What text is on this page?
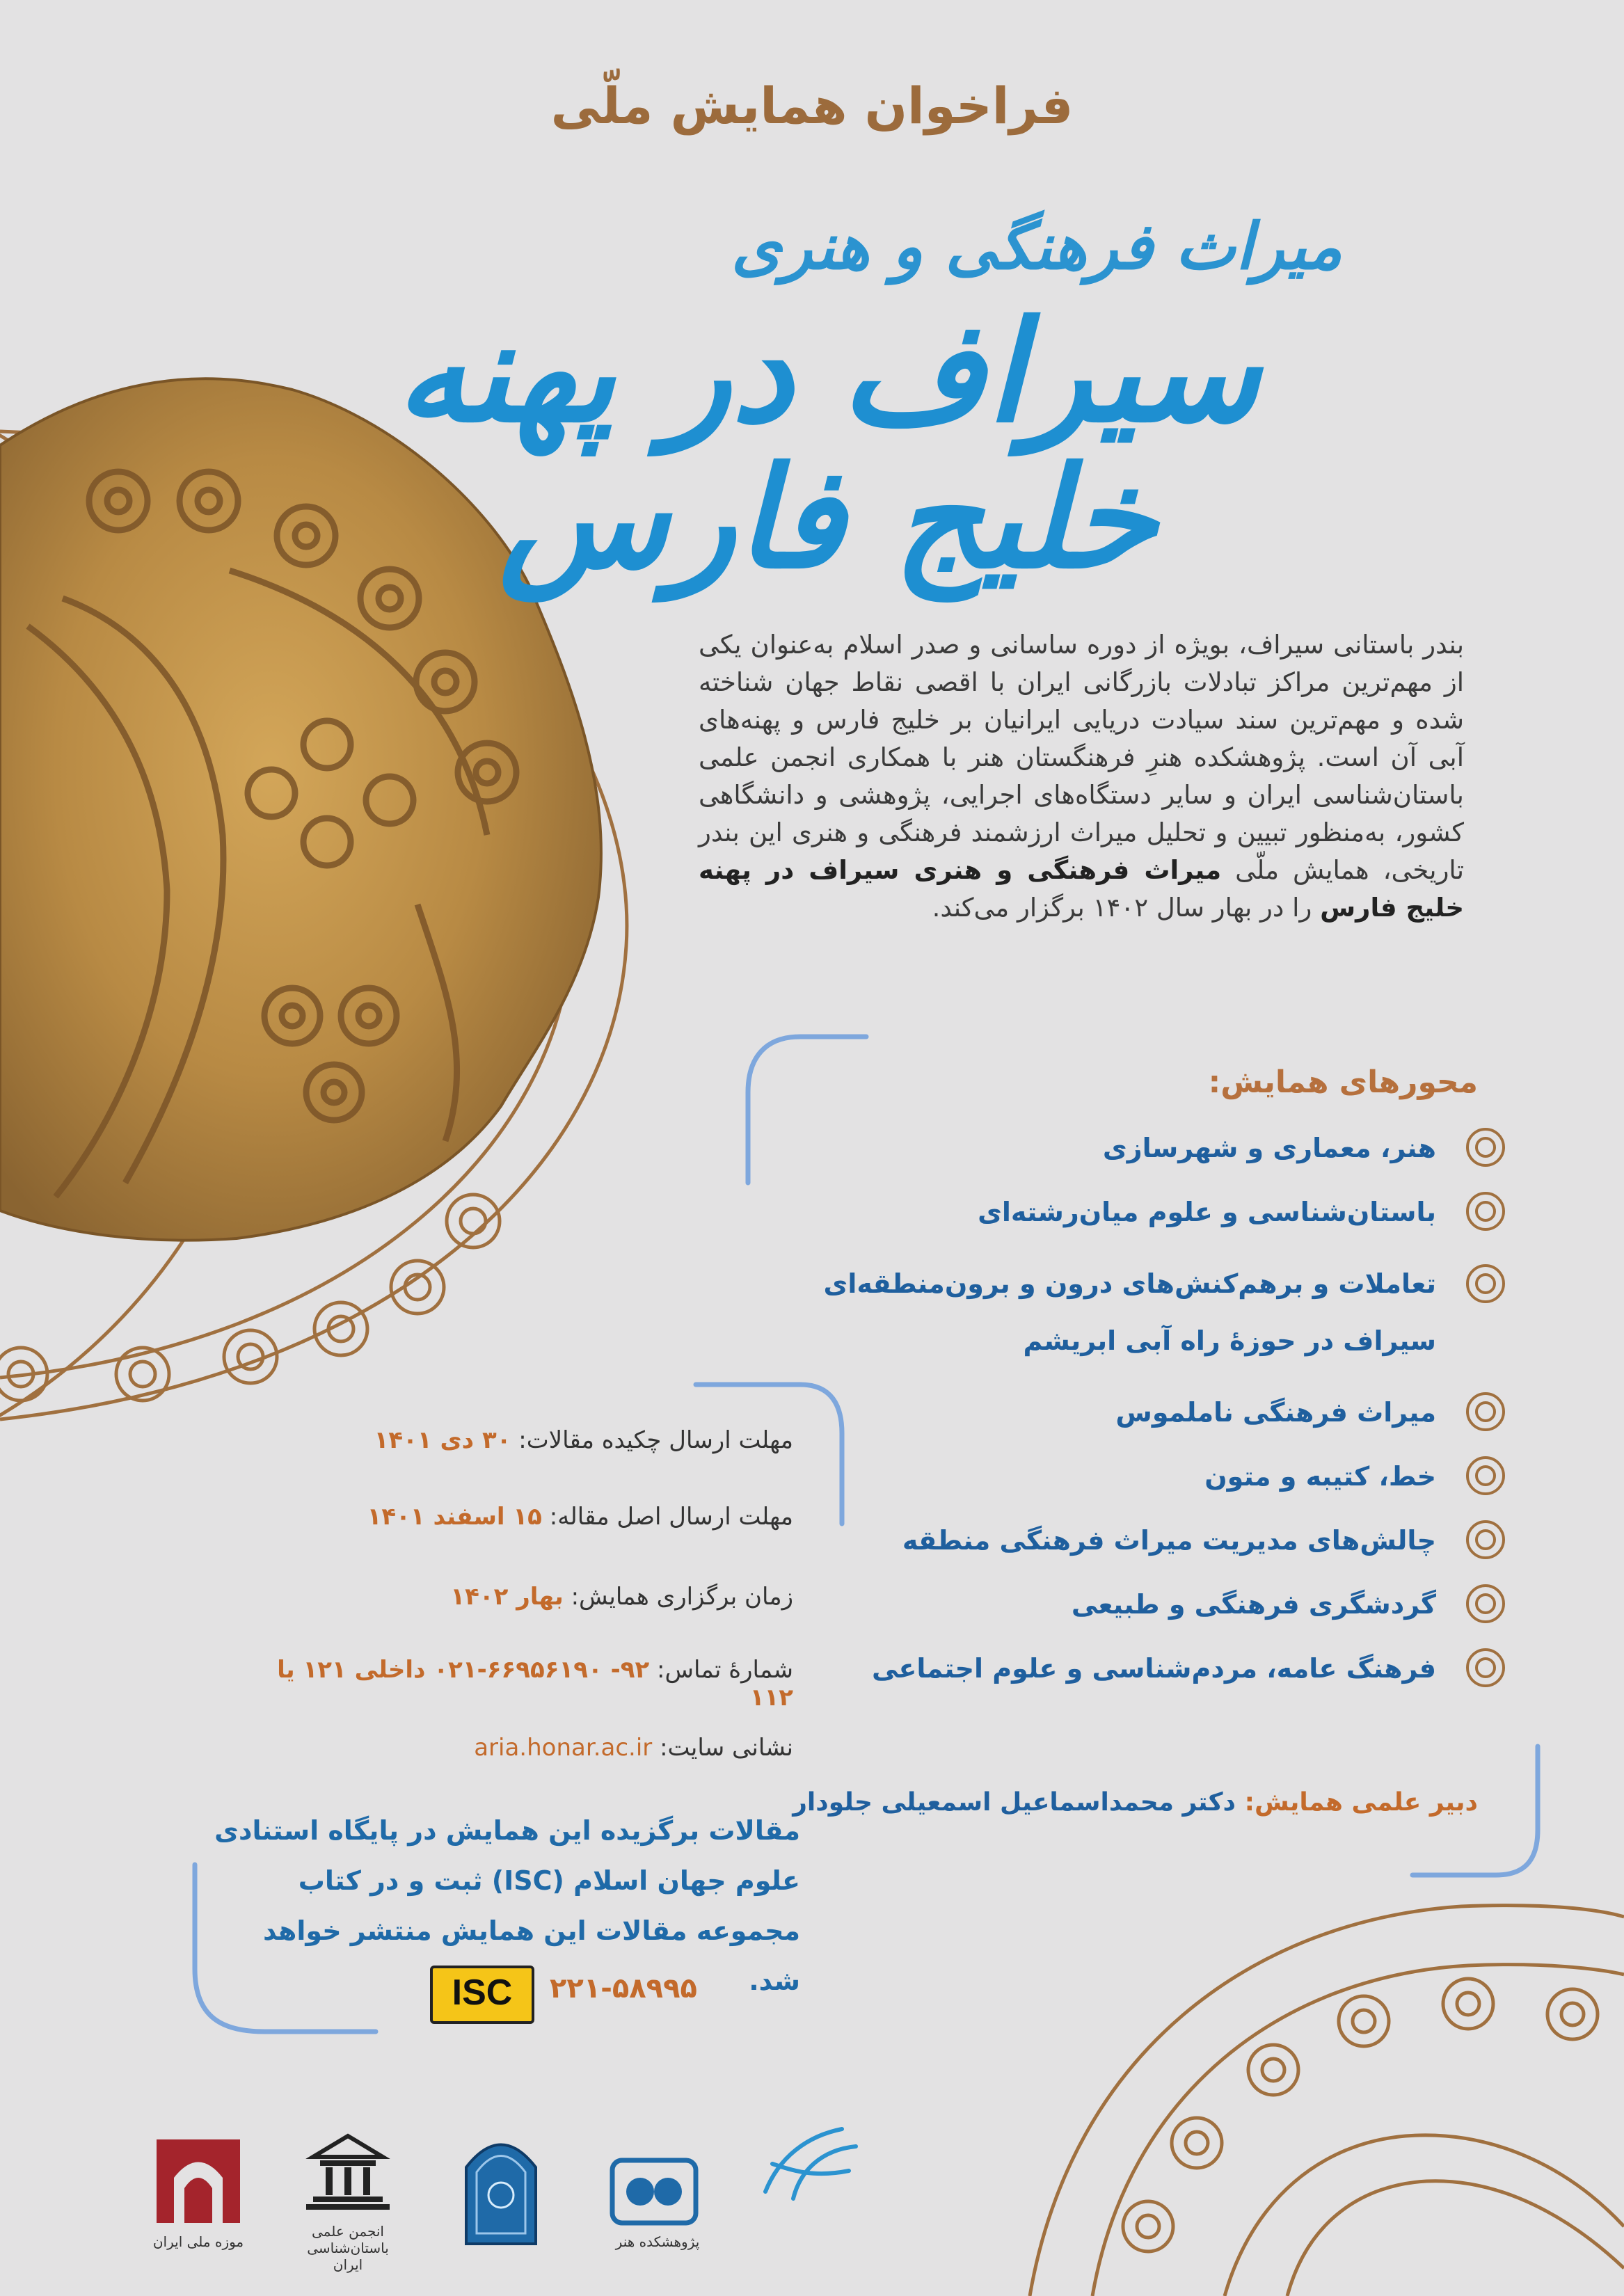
فراخوان همایش ملّی
میراث فرهنگی و هنری
سیراف در پهنه خلیج فارس
بندر باستانی سیراف، بویژه از دوره ساسانی و صدر اسلام به‌عنوان یکی از مهم‌ترین مراکز تبادلات بازرگانی ایران با اقصی نقاط جهان شناخته شده و مهم‌ترین سند سیادت دریایی ایرانیان بر خلیج فارس و پهنه‌های آبی آن است. پژوهشکده هنرِ فرهنگستان هنر با همکاری انجمن علمی باستان‌شناسی ایران و سایر دستگاه‌های اجرایی، پژوهشی و دانشگاهی کشور، به‌منظور تبیین و تحلیل میراث ارزشمند فرهنگی و هنری این بندر تاریخی، همایش ملّی میراث فرهنگی و هنری سیراف در پهنه خلیج فارس را در بهار سال ۱۴۰۲ برگزار می‌کند.
محورهای همایش:
هنر، معماری و شهرسازی
باستان‌شناسی و علوم میان‌رشته‌ای
تعاملات و برهم‌کنش‌های درون و برون‌منطقه‌ای سیراف در حوزهٔ راه آبی ابریشم
میراث فرهنگی ناملموس
خط، کتیبه و متون
چالش‌های مدیریت میراث فرهنگی منطقه
گردشگری فرهنگی و طبیعی
فرهنگ عامه، مردم‌شناسی و علوم اجتماعی
مهلت ارسال چکیده مقالات: ۳۰ دی ۱۴۰۱
مهلت ارسال اصل مقاله: ۱۵ اسفند ۱۴۰۱
زمان برگزاری همایش: بهار ۱۴۰۲
شمارهٔ تماس: ۹۲- ۶۶۹۵۶۱۹۰-۰۲۱ داخلی ۱۲۱ یا ۱۱۲
نشانی سایت: aria.honar.ac.ir
مقالات برگزیده این همایش در پایگاه استنادی علوم جهان اسلام (ISC) ثبت و در کتاب مجموعه مقالات این همایش منتشر خواهد شد.
۲۲۱-۵۸۹۹۵
ISC
دبیر علمی همایش: دکتر محمداسماعیل اسمعیلی جلودار
موزه ملی ایران
انجمن علمی باستان‌شناسی ایران
پژوهشکده هنر
